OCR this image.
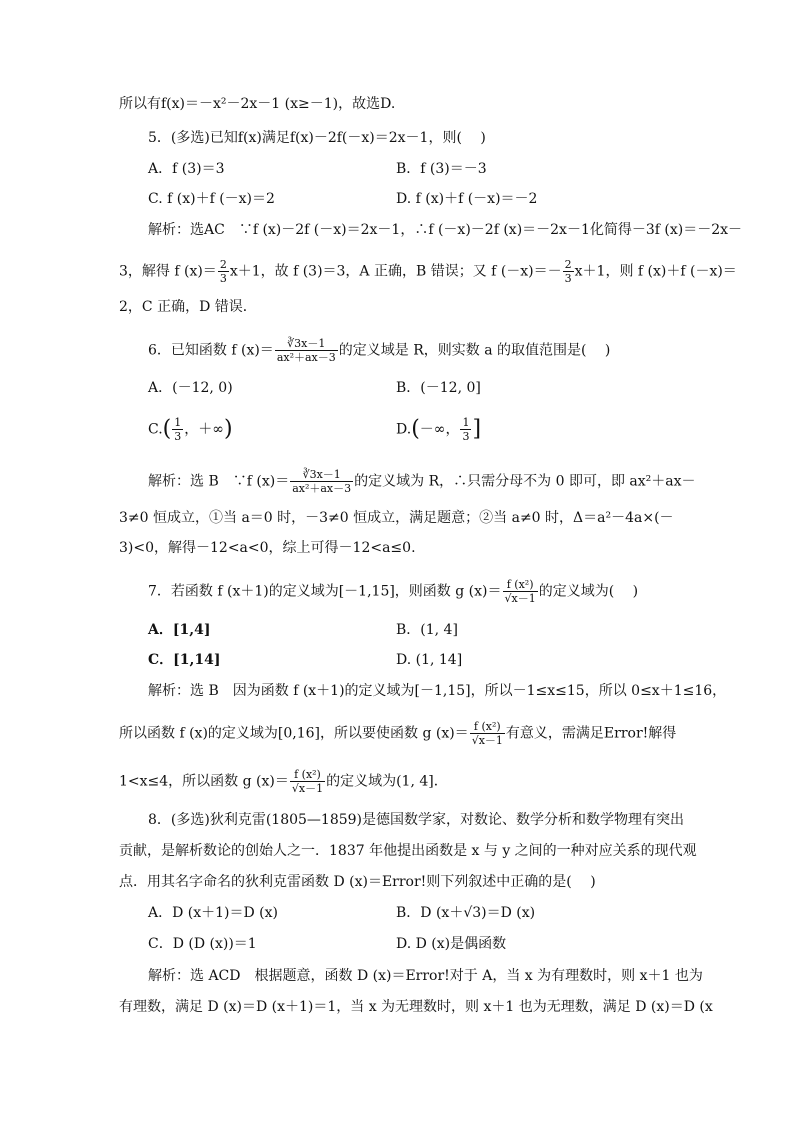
所以有f(x)＝－x²－2x－1 (x≥－1)，故选D.
5．(多选)已知f(x)满足f(x)－2f(－x)＝2x－1，则(　 )
A．f (3)＝3	B．f (3)＝－3
C. f (x)＋f (－x)＝2	D. f (x)＋f (－x)＝－2
解析：选AC　∵f (x)－2f (－x)＝2x－1，∴f (－x)－2f (x)＝－2x－1化简得－3f (x)＝－2x－
3，解得 f $(x)= \frac{2}{3} x+1$，故 f (3)＝3，A 正确，B 错误；又 f $(-x)=- \frac{2}{3} x+1$，则 f (x)＋f (－x)＝
2，C 正确，D 错误．
6．已知函数 f $(x)= \frac{∛3x-1}{\text{ax²＋ax－3}}$ 的定义域是 R，则实数 a 的取值范围是(　 )
A．(－12, 0)	B．(－12, 0]
$C.( \frac{1}{3}$ ，＋∞)	D.(－∞， $\frac{1}{3}$ ]
解析：选 B　∵f $(x)= \frac{∛3x-1}{\text{ax²＋ax－3}}$ 的定义域为 R，∴只需分母不为 0 即可，即 ax²＋ax－
3≠0 恒成立，①当 a＝0 时，－3≠0 恒成立，满足题意；②当 a≠0 时，Δ＝a²－4a×(－
3)<0，解得－12<a<0，综上可得－12<a≤0.
7．若函数 f (x＋1)的定义域为[－1,15]，则函数 g $(x)= \frac{\text{f (x²)}}{√x-1}$ 的定义域为(　 )
A．[1,4]	B．(1, 4]
C．[1,14]	D. (1, 14]
解析：选 B　因为函数 f (x＋1)的定义域为[－1,15]，所以－1≤x≤15，所以 0≤x＋1≤16，
所以函数 f (x)的定义域为[0,16]，所以要使函数 g $(x)= \frac{\text{f (x²)}}{√x-1}$ 有意义，需满足Error!解得
1<x≤4，所以函数 g $(x)= \frac{\text{f (x²)}}{√x-1}$ 的定义域为(1, 4]．
8．(多选)狄利克雷(1805—1859)是德国数学家，对数论、数学分析和数学物理有突出
贡献，是解析数论的创始人之一．1837 年他提出函数是 x 与 y 之间的一种对应关系的现代观
点．用其名字命名的狄利克雷函数 D (x)＝Error!则下列叙述中正确的是(　 )
A．D (x＋1)＝D (x)	B．D (x＋√3)＝D (x)
C．D (D (x))＝1	D. D (x)是偶函数
解析：选 ACD　根据题意，函数 D (x)＝Error!对于 A，当 x 为有理数时，则 x＋1 也为
有理数，满足 D (x)＝D (x＋1)＝1，当 x 为无理数时，则 x＋1 也为无理数，满足 D (x)＝D (x
